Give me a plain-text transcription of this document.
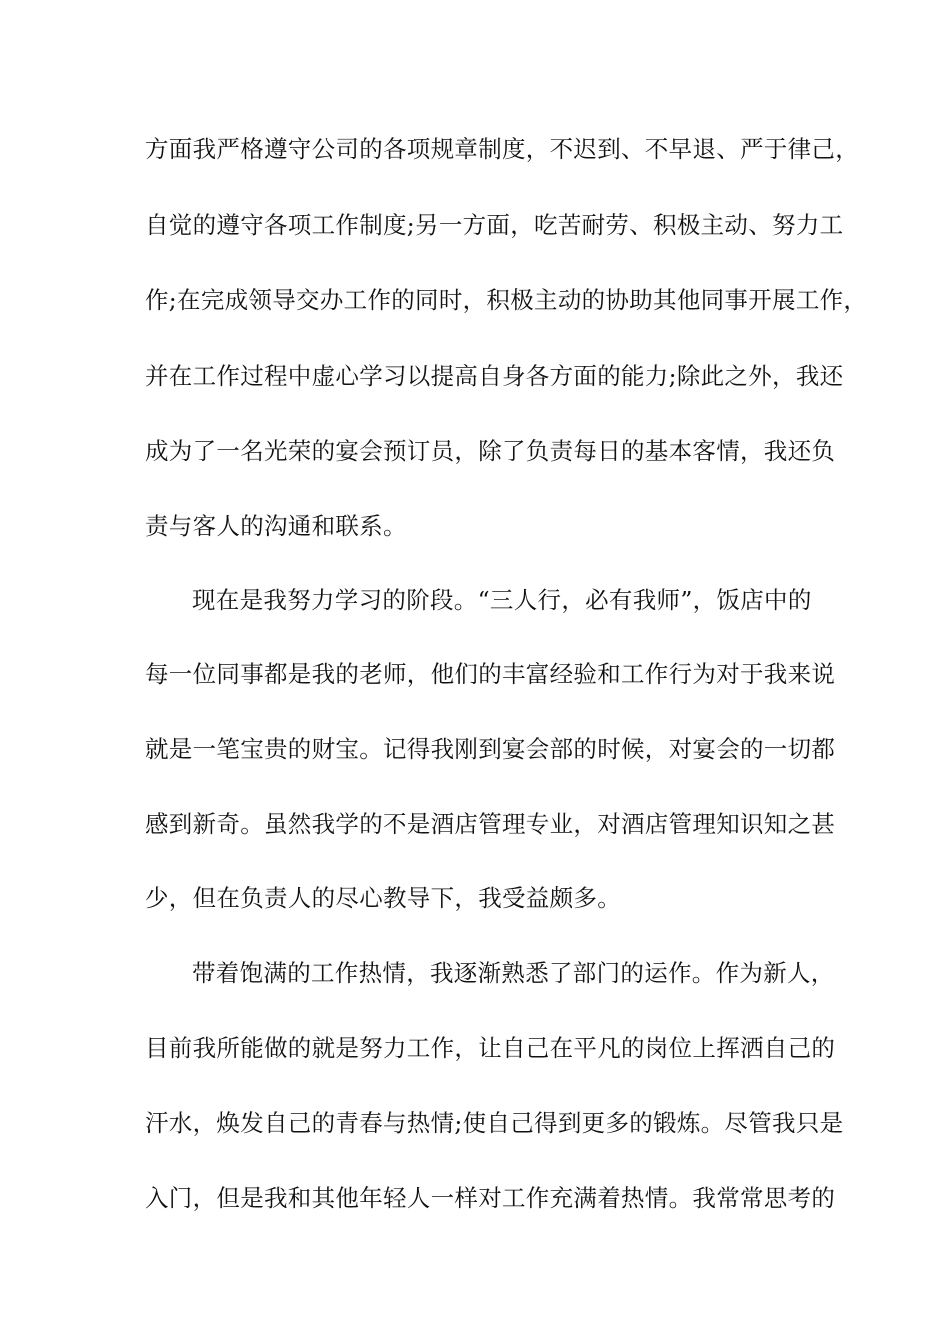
方面我严格遵守公司的各项规章制度，不迟到、不早退、严于律己，
自觉的遵守各项工作制度;另一方面，吃苦耐劳、积极主动、努力工
作;在完成领导交办工作的同时，积极主动的协助其他同事开展工作，
并在工作过程中虚心学习以提高自身各方面的能力;除此之外，我还
成为了一名光荣的宴会预订员，除了负责每日的基本客情，我还负
责与客人的沟通和联系。
现在是我努力学习的阶段。“三人行，必有我师”，饭店中的
每一位同事都是我的老师，他们的丰富经验和工作行为对于我来说
就是一笔宝贵的财宝。记得我刚到宴会部的时候，对宴会的一切都
感到新奇。虽然我学的不是酒店管理专业，对酒店管理知识知之甚
少，但在负责人的尽心教导下，我受益颇多。
带着饱满的工作热情，我逐渐熟悉了部门的运作。作为新人，
目前我所能做的就是努力工作，让自己在平凡的岗位上挥洒自己的
汗水，焕发自己的青春与热情;使自己得到更多的锻炼。尽管我只是
入门，但是我和其他年轻人一样对工作充满着热情。我常常思考的
